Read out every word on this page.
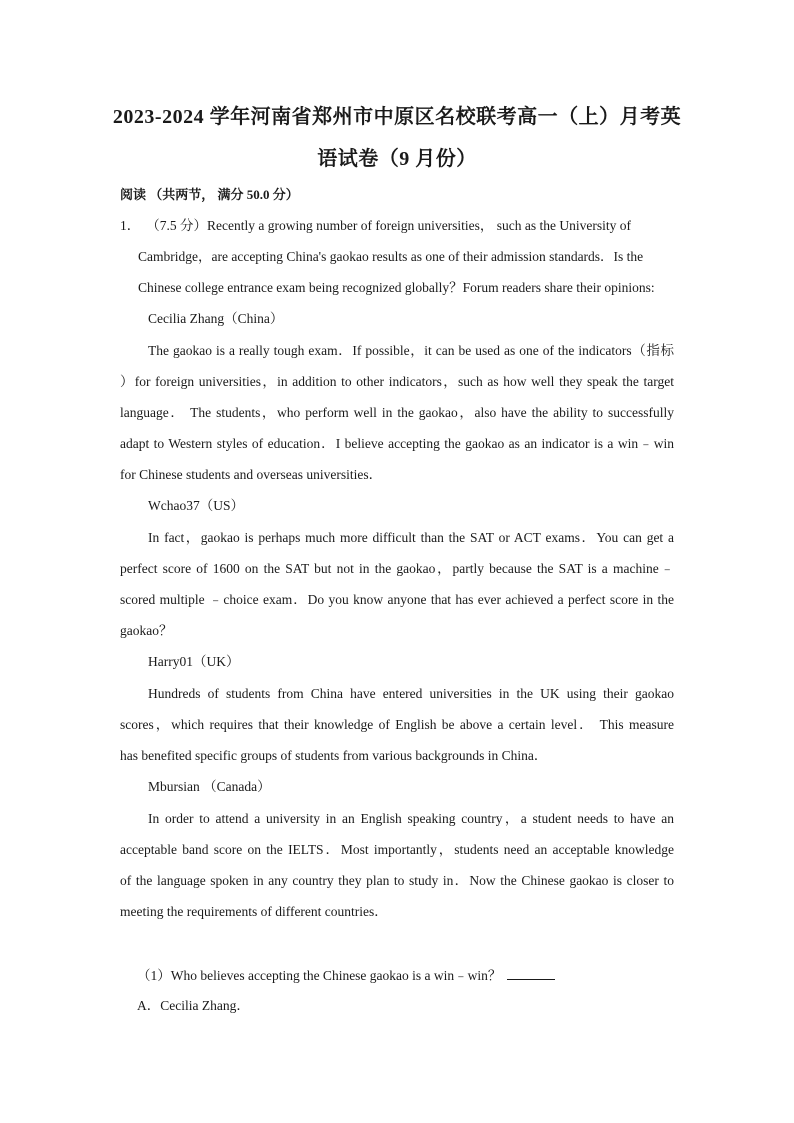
2023-2024 学年河南省郑州市中原区名校联考高一（上）月考英
语试卷（9 月份）

阅读 （共两节， 满分 50.0 分）

1． （7.5 分）Recently a growing number of foreign universities， such as the University of

Cambridge，are accepting China's gaokao results as one of their admission standards．Is the

Chinese college entrance exam being recognized globally？Forum readers share their opinions:

Cecilia Zhang（China）

The gaokao is a really tough exam．If possible，it can be used as one of the indicators（指标

）for foreign universities，in addition to other indicators，such as how well they speak the target

language． The students，who perform well in the gaokao，also have the ability to successfully

adapt to Western styles of education．I believe accepting the gaokao as an indicator is a win﹣win

for Chinese students and overseas universities．

Wchao37（US）

In fact，gaokao is perhaps much more difficult than the SAT or ACT exams．You can get a

perfect score of 1600 on the SAT but not in the gaokao，partly because the SAT is a machine﹣

scored multiple ﹣choice exam．Do you know anyone that has ever achieved a perfect score in the

gaokao？

Harry01（UK）

Hundreds of students from China have entered universities in the UK using their gaokao

scores，which requires that their knowledge of English be above a certain level． This measure

has benefited specific groups of students from various backgrounds in China．

Mbursian （Canada）

In order to attend a university in an English speaking country，a student needs to have an

acceptable band score on the IELTS．Most importantly，students need an acceptable knowledge

of the language spoken in any country they plan to study in．Now the Chinese gaokao is closer to

meeting the requirements of different countries．

（1）Who believes accepting the Chinese gaokao is a win﹣win？

A．Cecilia Zhang．
